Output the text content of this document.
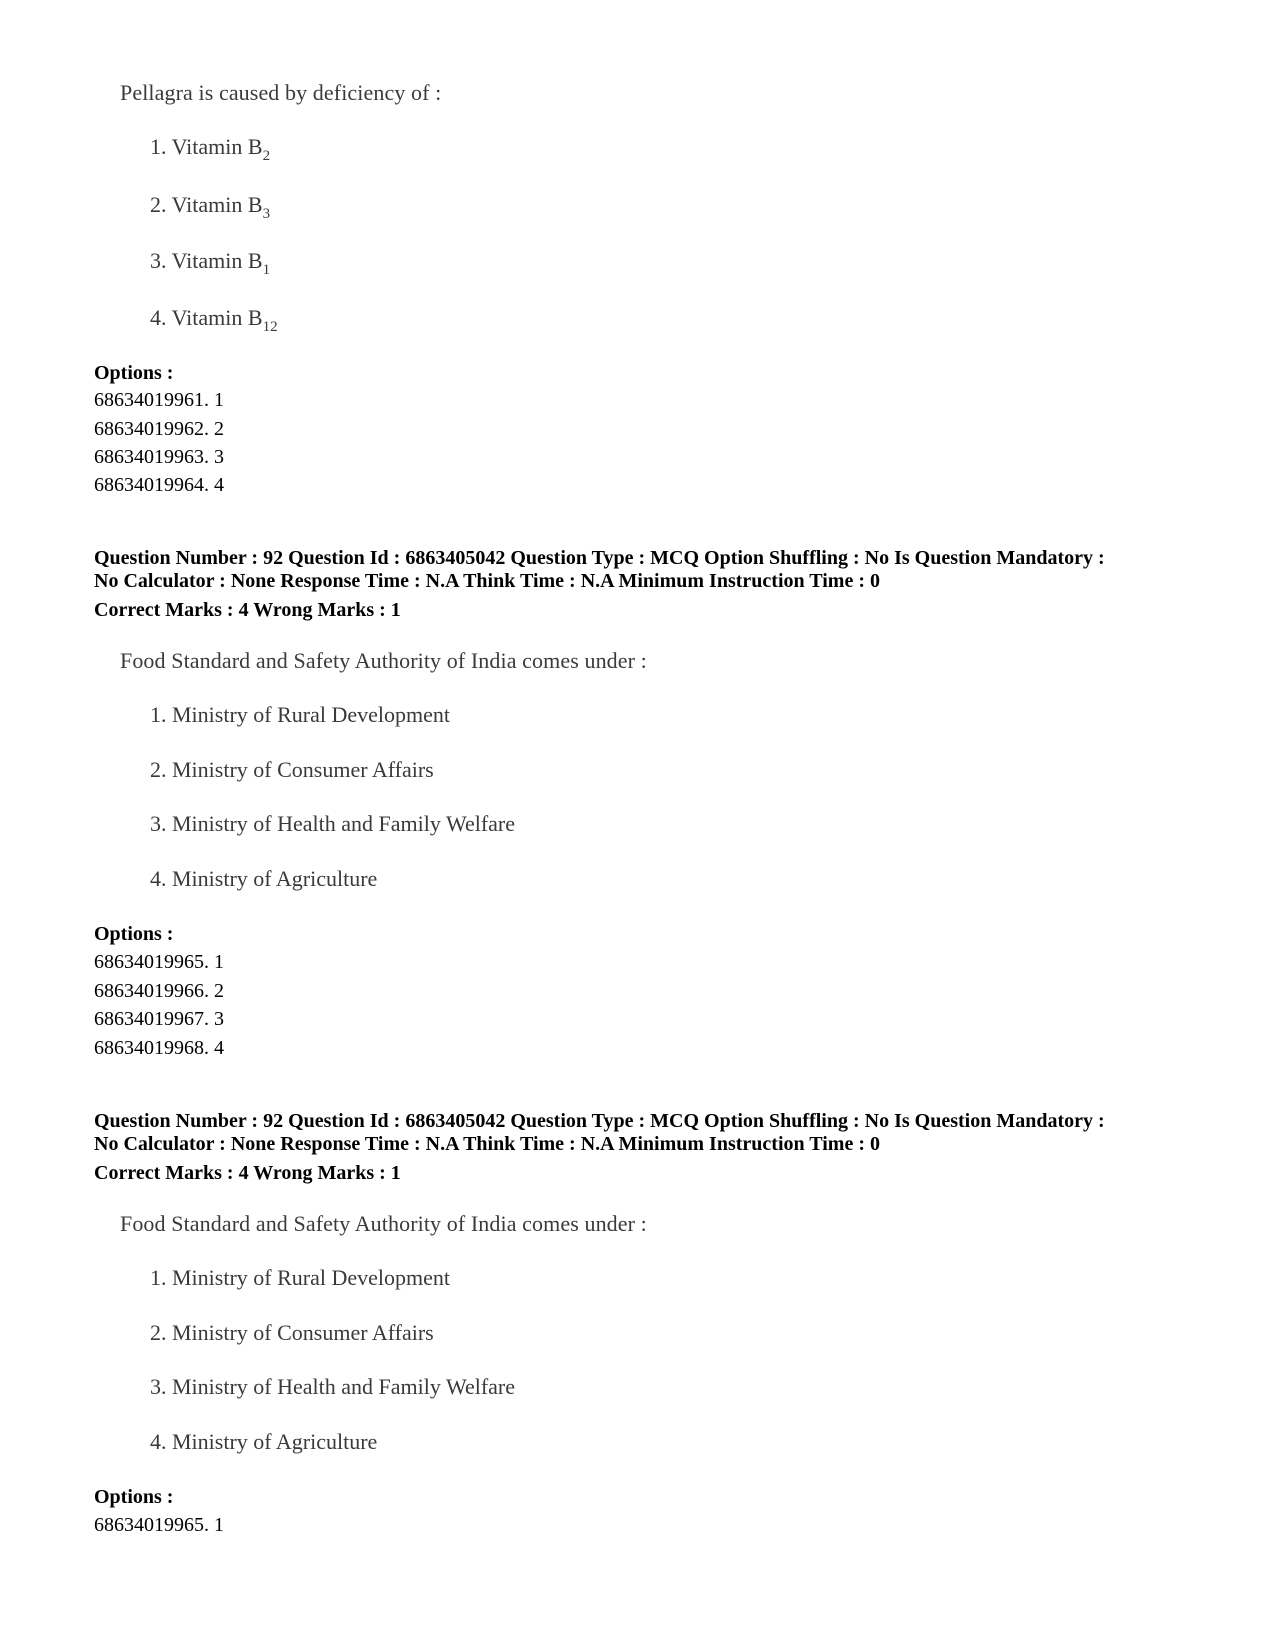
Pellagra is caused by deficiency of :
1. Vitamin $B_2$
2. Vitamin $B_3$
3. Vitamin $B_1$
4. Vitamin $B_{12}$
Options :
68634019961. 1
68634019962. 2
68634019963. 3
68634019964. 4
Question Number : 92 Question Id : 6863405042 Question Type : MCQ Option Shuffling : No Is Question Mandatory :
No Calculator : None Response Time : N.A Think Time : N.A Minimum Instruction Time : 0
Correct Marks : 4 Wrong Marks : 1
Food Standard and Safety Authority of India comes under :
1. Ministry of Rural Development
2. Ministry of Consumer Affairs
3. Ministry of Health and Family Welfare
4. Ministry of Agriculture
Options :
68634019965. 1
68634019966. 2
68634019967. 3
68634019968. 4
Question Number : 92 Question Id : 6863405042 Question Type : MCQ Option Shuffling : No Is Question Mandatory :
No Calculator : None Response Time : N.A Think Time : N.A Minimum Instruction Time : 0
Correct Marks : 4 Wrong Marks : 1
Food Standard and Safety Authority of India comes under :
1. Ministry of Rural Development
2. Ministry of Consumer Affairs
3. Ministry of Health and Family Welfare
4. Ministry of Agriculture
Options :
68634019965. 1
